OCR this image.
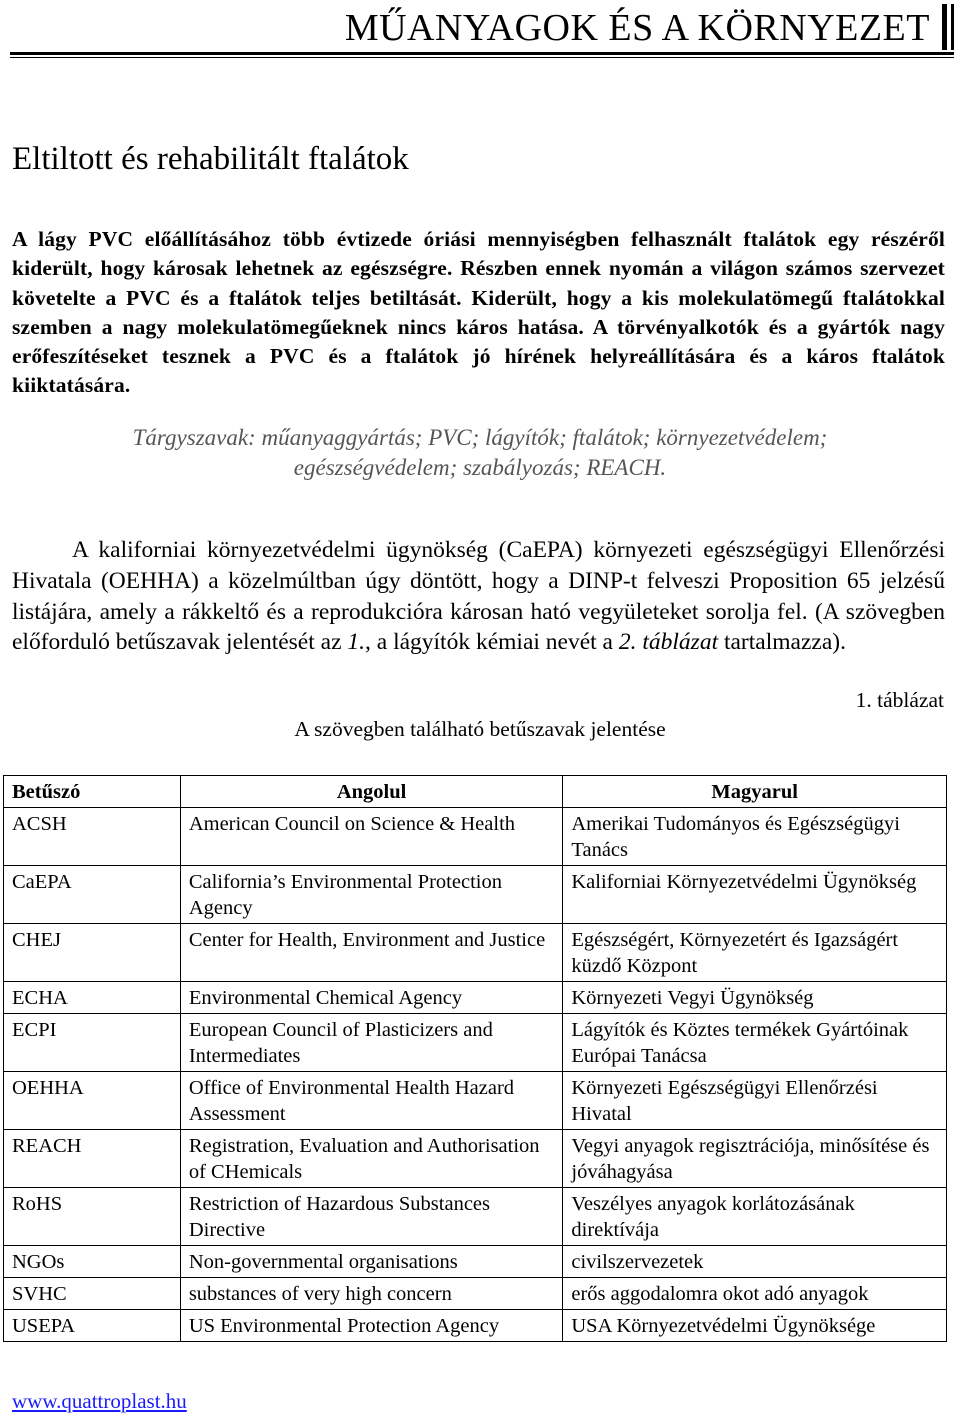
MŰANYAGOK ÉS A KÖRNYEZET
Eltiltott és rehabilitált ftalátok
A lágy PVC előállításához több évtizede óriási mennyiségben felhasznált ftalátok egy részéről kiderült, hogy károsak lehetnek az egészségre. Részben ennek nyomán a világon számos szervezet követelte a PVC és a ftalátok teljes betiltását. Kiderült, hogy a kis molekulatömegű ftalátokkal szemben a nagy molekulatömegűeknek nincs káros hatása. A törvényalkotók és a gyártók nagy erőfeszítéseket tesznek a PVC és a ftalátok jó hírének helyreállítására és a káros ftalátok kiiktatására.
Tárgyszavak: műanyaggyártás; PVC; lágyítók; ftalátok; környezetvédelem;
egészségvédelem; szabályozás; REACH.
A kaliforniai környezetvédelmi ügynökség (CaEPA) környezeti egészségügyi Ellenőrzési Hivatala (OEHHA) a közelmúltban úgy döntött, hogy a DINP-t felveszi Proposition 65 jelzésű listájára, amely a rákkeltő és a reprodukcióra károsan ható vegyületeket sorolja fel. (A szövegben előforduló betűszavak jelentését az 1., a lágyítók kémiai nevét a 2. táblázat tartalmazza).
1. táblázat
A szövegben található betűszavak jelentése
Betűszó	Angolul	Magyarul
ACSH	American Council on Science & Health	Amerikai Tudományos és Egészségügyi Tanács
CaEPA	California’s Environmental Protection Agency	Kaliforniai Környezetvédelmi Ügynökség
CHEJ	Center for Health, Environment and Justice	Egészségért, Környezetért és Igazságért küzdő Központ
ECHA	Environmental Chemical Agency	Környezeti Vegyi Ügynökség
ECPI	European Council of Plasticizers and Intermediates	Lágyítók és Köztes termékek Gyártóinak Európai Tanácsa
OEHHA	Office of Environmental Health Hazard Assessment	Környezeti Egészségügyi Ellenőrzési Hivatal
REACH	Registration, Evaluation and Authorisation of CHemicals	Vegyi anyagok regisztrációja, minősítése és jóváhagyása
RoHS	Restriction of Hazardous Substances Directive	Veszélyes anyagok korlátozásának direktívája
NGOs	Non-governmental organisations	civilszervezetek
SVHC	substances of very high concern	erős aggodalomra okot adó anyagok
USEPA	US Environmental Protection Agency	USA Környezetvédelmi Ügynöksége
www.quattroplast.hu
